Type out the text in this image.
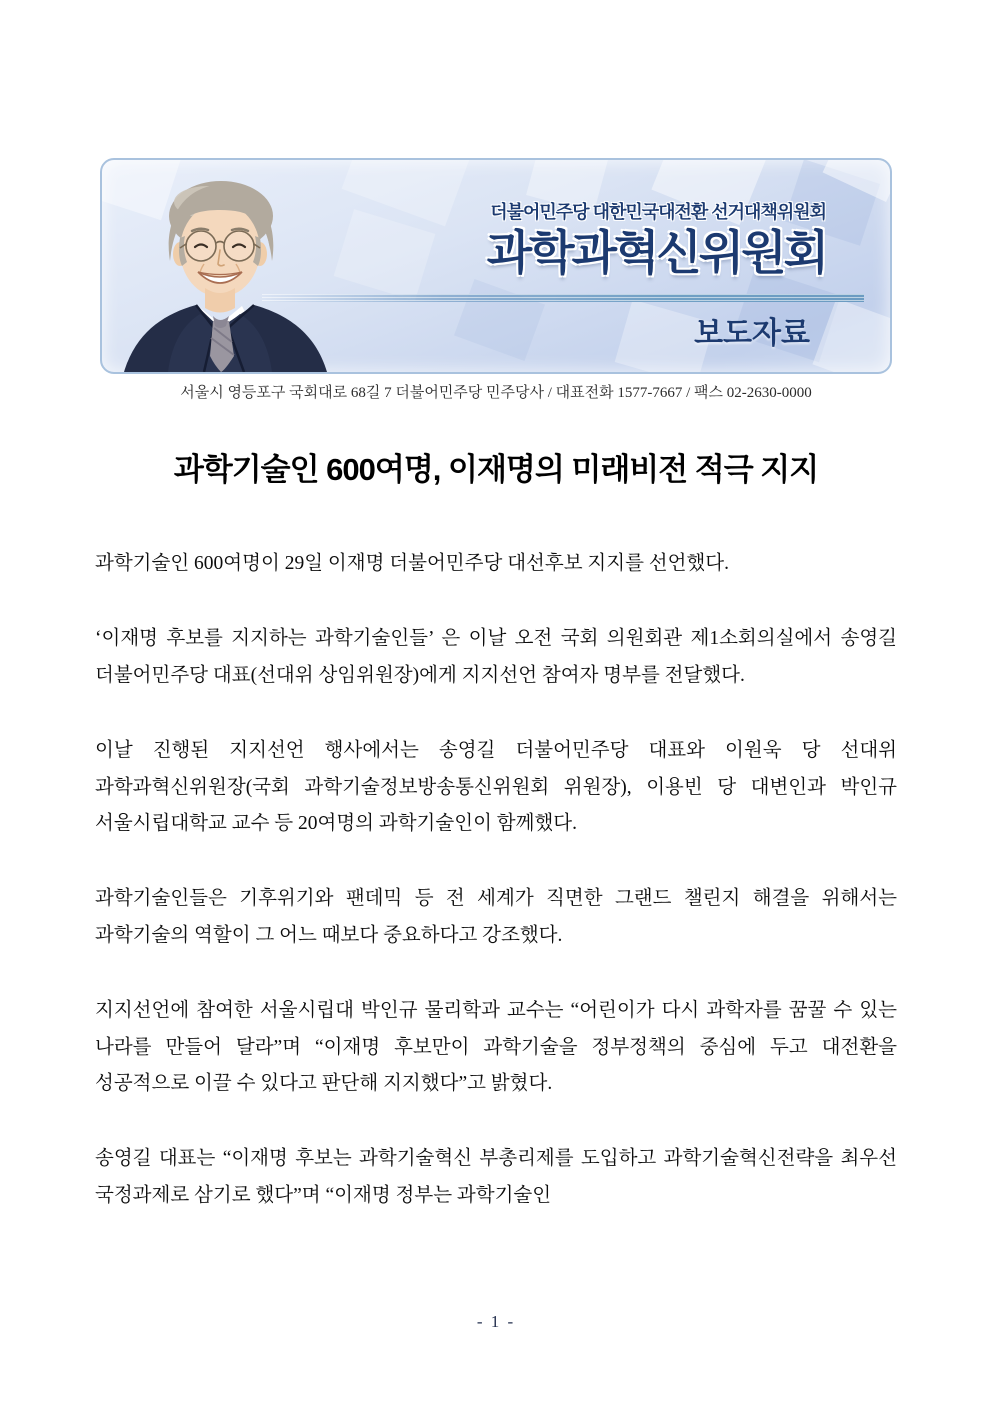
더불어민주당 대한민국대전환 선거대책위원회
과학과혁신위원회
보도자료
서울시 영등포구 국회대로 68길 7 더불어민주당 민주당사 / 대표전화 1577-7667 / 팩스 02-2630-0000
과학기술인 600여명, 이재명의 미래비전 적극 지지

과학기술인 600여명이 29일 이재명 더불어민주당 대선후보 지지를 선언했다.

‘이재명 후보를 지지하는 과학기술인들’ 은 이날 오전 국회 의원회관 제1소회의실에서 송영길 더불어민주당 대표(선대위 상임위원장)에게 지지선언 참여자 명부를 전달했다.

이날 진행된 지지선언 행사에서는 송영길 더불어민주당 대표와 이원욱 당 선대위 과학과혁신위원장(국회 과학기술정보방송통신위원회 위원장), 이용빈 당 대변인과 박인규 서울시립대학교 교수 등 20여명의 과학기술인이 함께했다.

과학기술인들은 기후위기와 팬데믹 등 전 세계가 직면한 그랜드 챌린지 해결을 위해서는 과학기술의 역할이 그 어느 때보다 중요하다고 강조했다.

지지선언에 참여한 서울시립대 박인규 물리학과 교수는 “어린이가 다시 과학자를 꿈꿀 수 있는 나라를 만들어 달라”며 “이재명 후보만이 과학기술을 정부정책의 중심에 두고 대전환을 성공적으로 이끌 수 있다고 판단해 지지했다”고 밝혔다.

송영길 대표는 “이재명 후보는 과학기술혁신 부총리제를 도입하고 과학기술혁신전략을 최우선 국정과제로 삼기로 했다”며 “이재명 정부는 과학기술인

- 1 -
